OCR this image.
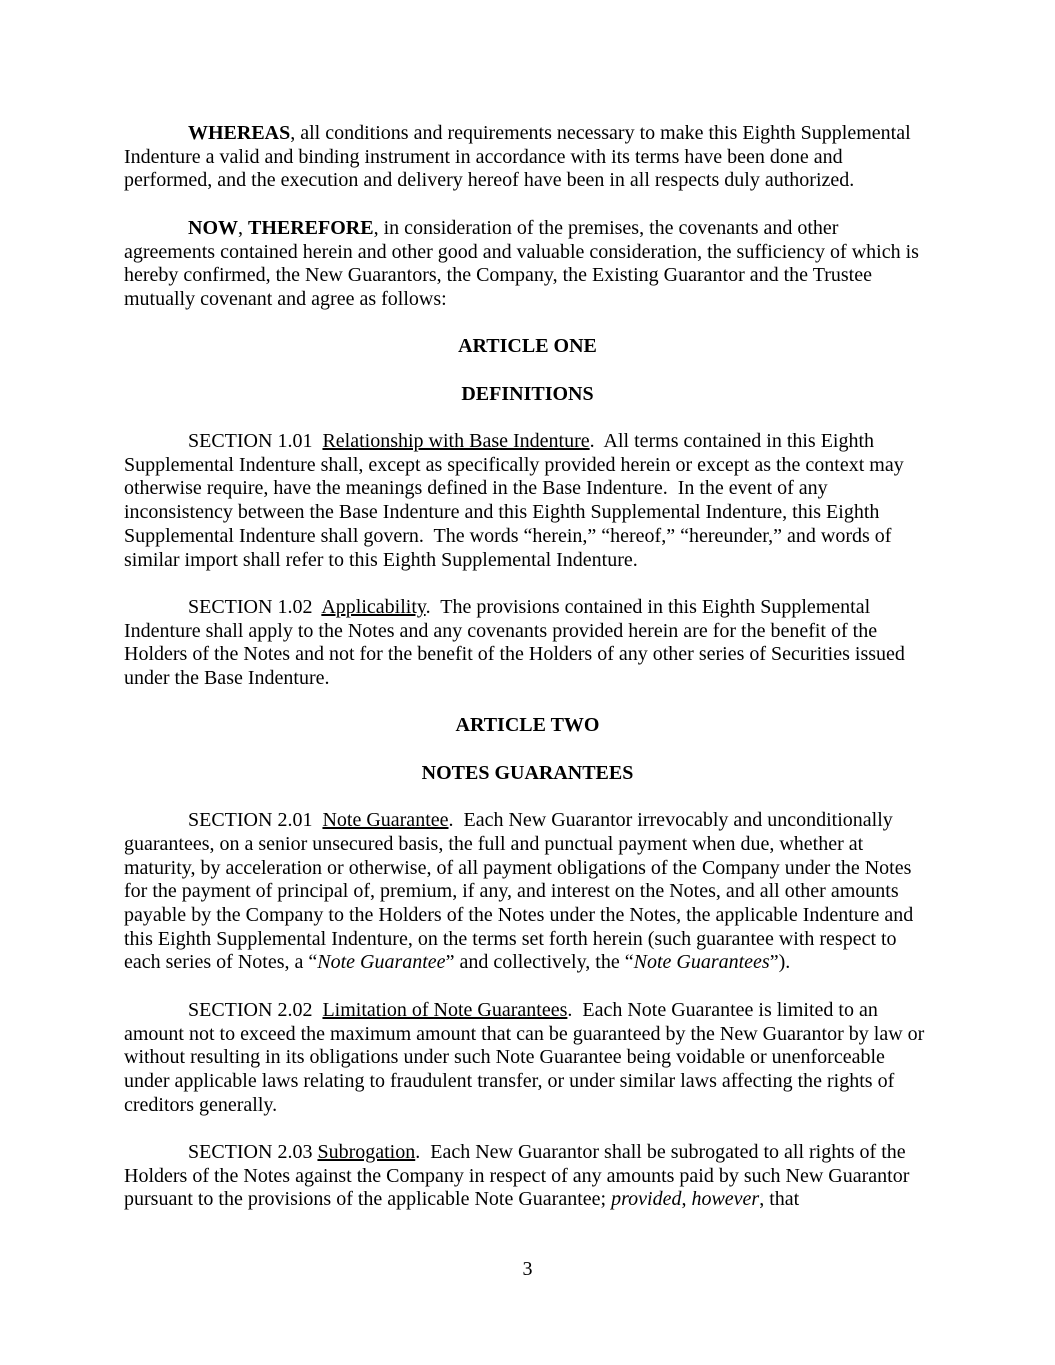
WHEREAS, all conditions and requirements necessary to make this Eighth Supplemental Indenture a valid and binding instrument in accordance with its terms have been done and performed, and the execution and delivery hereof have been in all respects duly authorized.

NOW, THEREFORE, in consideration of the premises, the covenants and other agreements contained herein and other good and valuable consideration, the sufficiency of which is hereby confirmed, the New Guarantors, the Company, the Existing Guarantor and the Trustee mutually covenant and agree as follows:

ARTICLE ONE
DEFINITIONS

SECTION 1.01  Relationship with Base Indenture.  All terms contained in this Eighth Supplemental Indenture shall, except as specifically provided herein or except as the context may otherwise require, have the meanings defined in the Base Indenture.  In the event of any inconsistency between the Base Indenture and this Eighth Supplemental Indenture, this Eighth Supplemental Indenture shall govern.  The words “herein,” “hereof,” “hereunder,” and words of similar import shall refer to this Eighth Supplemental Indenture.

SECTION 1.02  Applicability.  The provisions contained in this Eighth Supplemental Indenture shall apply to the Notes and any covenants provided herein are for the benefit of the Holders of the Notes and not for the benefit of the Holders of any other series of Securities issued under the Base Indenture.

ARTICLE TWO
NOTES GUARANTEES

SECTION 2.01  Note Guarantee.  Each New Guarantor irrevocably and unconditionally guarantees, on a senior unsecured basis, the full and punctual payment when due, whether at maturity, by acceleration or otherwise, of all payment obligations of the Company under the Notes for the payment of principal of, premium, if any, and interest on the Notes, and all other amounts payable by the Company to the Holders of the Notes under the Notes, the applicable Indenture and this Eighth Supplemental Indenture, on the terms set forth herein (such guarantee with respect to each series of Notes, a “Note Guarantee” and collectively, the “Note Guarantees”).

SECTION 2.02  Limitation of Note Guarantees.  Each Note Guarantee is limited to an amount not to exceed the maximum amount that can be guaranteed by the New Guarantor by law or without resulting in its obligations under such Note Guarantee being voidable or unenforceable under applicable laws relating to fraudulent transfer, or under similar laws affecting the rights of creditors generally.

SECTION 2.03 Subrogation.  Each New Guarantor shall be subrogated to all rights of the Holders of the Notes against the Company in respect of any amounts paid by such New Guarantor pursuant to the provisions of the applicable Note Guarantee; provided, however, that

3
